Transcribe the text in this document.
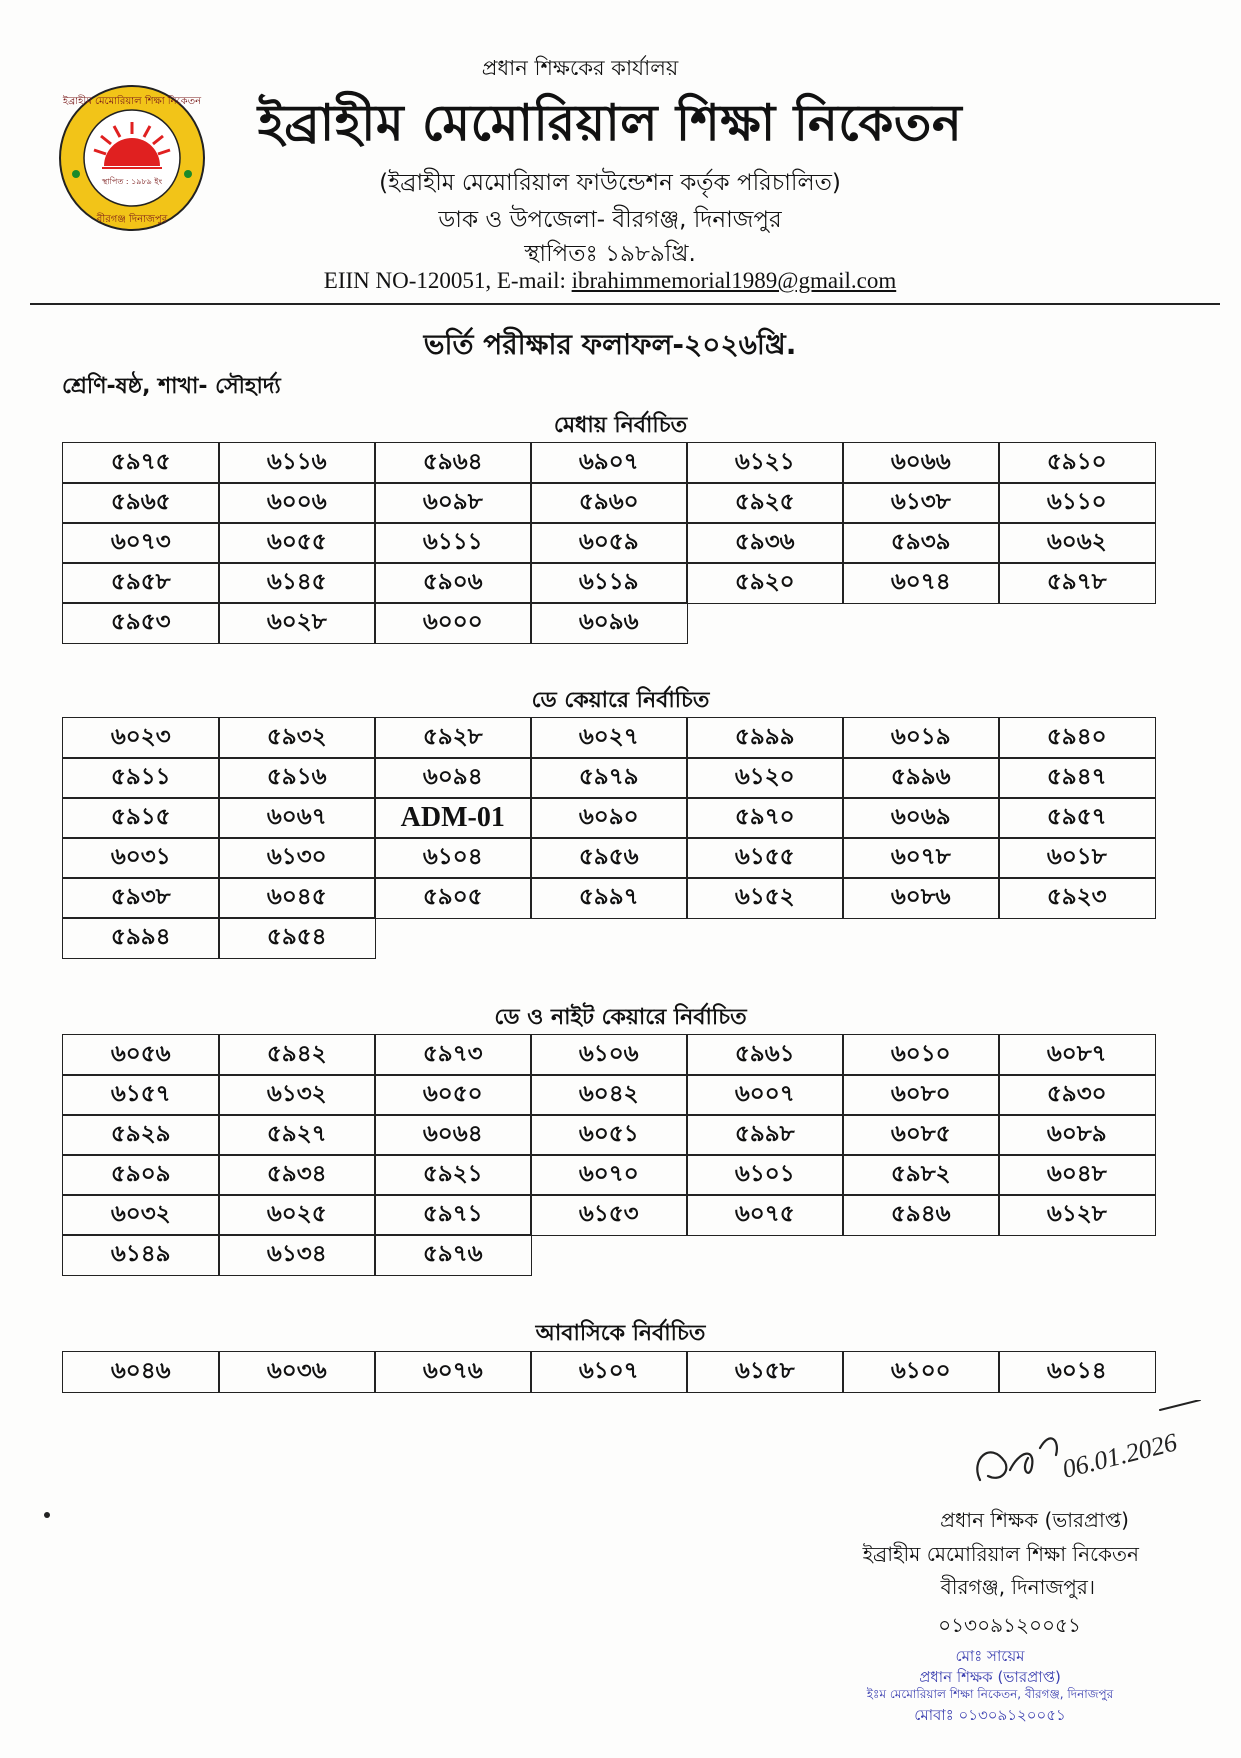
স্থাপিত : ১৯৮৯ ইং
ইব্রাহীম মেমোরিয়াল শিক্ষা নিকেতন
বীরগঞ্জ দিনাজপুর
প্রধান শিক্ষকের কার্যালয়
ইব্রাহীম মেমোরিয়াল শিক্ষা নিকেতন
(ইব্রাহীম মেমোরিয়াল ফাউন্ডেশন কর্তৃক পরিচালিত)
ডাক ও উপজেলা- বীরগঞ্জ, দিনাজপুর
স্থাপিতঃ ১৯৮৯খ্রি.
EIIN NO-120051, E-mail: ibrahimmemorial1989@gmail.com
ভর্তি পরীক্ষার ফলাফল-২০২৬খ্রি.
শ্রেণি-ষষ্ঠ, শাখা- সৌহার্দ্য
মেধায় নির্বাচিত
৫৯৭৫	৬১১৬	৫৯৬৪	৬৯০৭	৬১২১	৬০৬৬	৫৯১০
৫৯৬৫	৬০০৬	৬০৯৮	৫৯৬০	৫৯২৫	৬১৩৮	৬১১০
৬০৭৩	৬০৫৫	৬১১১	৬০৫৯	৫৯৩৬	৫৯৩৯	৬০৬২
৫৯৫৮	৬১৪৫	৫৯০৬	৬১১৯	৫৯২০	৬০৭৪	৫৯৭৮
৫৯৫৩	৬০২৮	৬০০০	৬০৯৬
ডে কেয়ারে নির্বাচিত
৬০২৩	৫৯৩২	৫৯২৮	৬০২৭	৫৯৯৯	৬০১৯	৫৯৪০
৫৯১১	৫৯১৬	৬০৯৪	৫৯৭৯	৬১২০	৫৯৯৬	৫৯৪৭
৫৯১৫	৬০৬৭	ADM-01	৬০৯০	৫৯৭০	৬০৬৯	৫৯৫৭
৬০৩১	৬১৩০	৬১০৪	৫৯৫৬	৬১৫৫	৬০৭৮	৬০১৮
৫৯৩৮	৬০৪৫	৫৯০৫	৫৯৯৭	৬১৫২	৬০৮৬	৫৯২৩
৫৯৯৪	৫৯৫৪
ডে ও নাইট কেয়ারে নির্বাচিত
৬০৫৬	৫৯৪২	৫৯৭৩	৬১০৬	৫৯৬১	৬০১০	৬০৮৭
৬১৫৭	৬১৩২	৬০৫০	৬০৪২	৬০০৭	৬০৮০	৫৯৩০
৫৯২৯	৫৯২৭	৬০৬৪	৬০৫১	৫৯৯৮	৬০৮৫	৬০৮৯
৫৯০৯	৫৯৩৪	৫৯২১	৬০৭০	৬১০১	৫৯৮২	৬০৪৮
৬০৩২	৬০২৫	৫৯৭১	৬১৫৩	৬০৭৫	৫৯৪৬	৬১২৮
৬১৪৯	৬১৩৪	৫৯৭৬
আবাসিকে নির্বাচিত
৬০৪৬	৬০৩৬	৬০৭৬	৬১০৭	৬১৫৮	৬১০০	৬০১৪
06.01.2026
প্রধান শিক্ষক (ভারপ্রাপ্ত)
ইব্রাহীম মেমোরিয়াল শিক্ষা নিকেতন
বীরগঞ্জ, দিনাজপুর।
০১৩০৯১২০০৫১
মোঃ সায়েম
প্রধান শিক্ষক (ভারপ্রাপ্ত)
ইঃম মেমোরিয়াল শিক্ষা নিকেতন, বীরগঞ্জ, দিনাজপুর
মোবাঃ ০১৩০৯১২০০৫১
